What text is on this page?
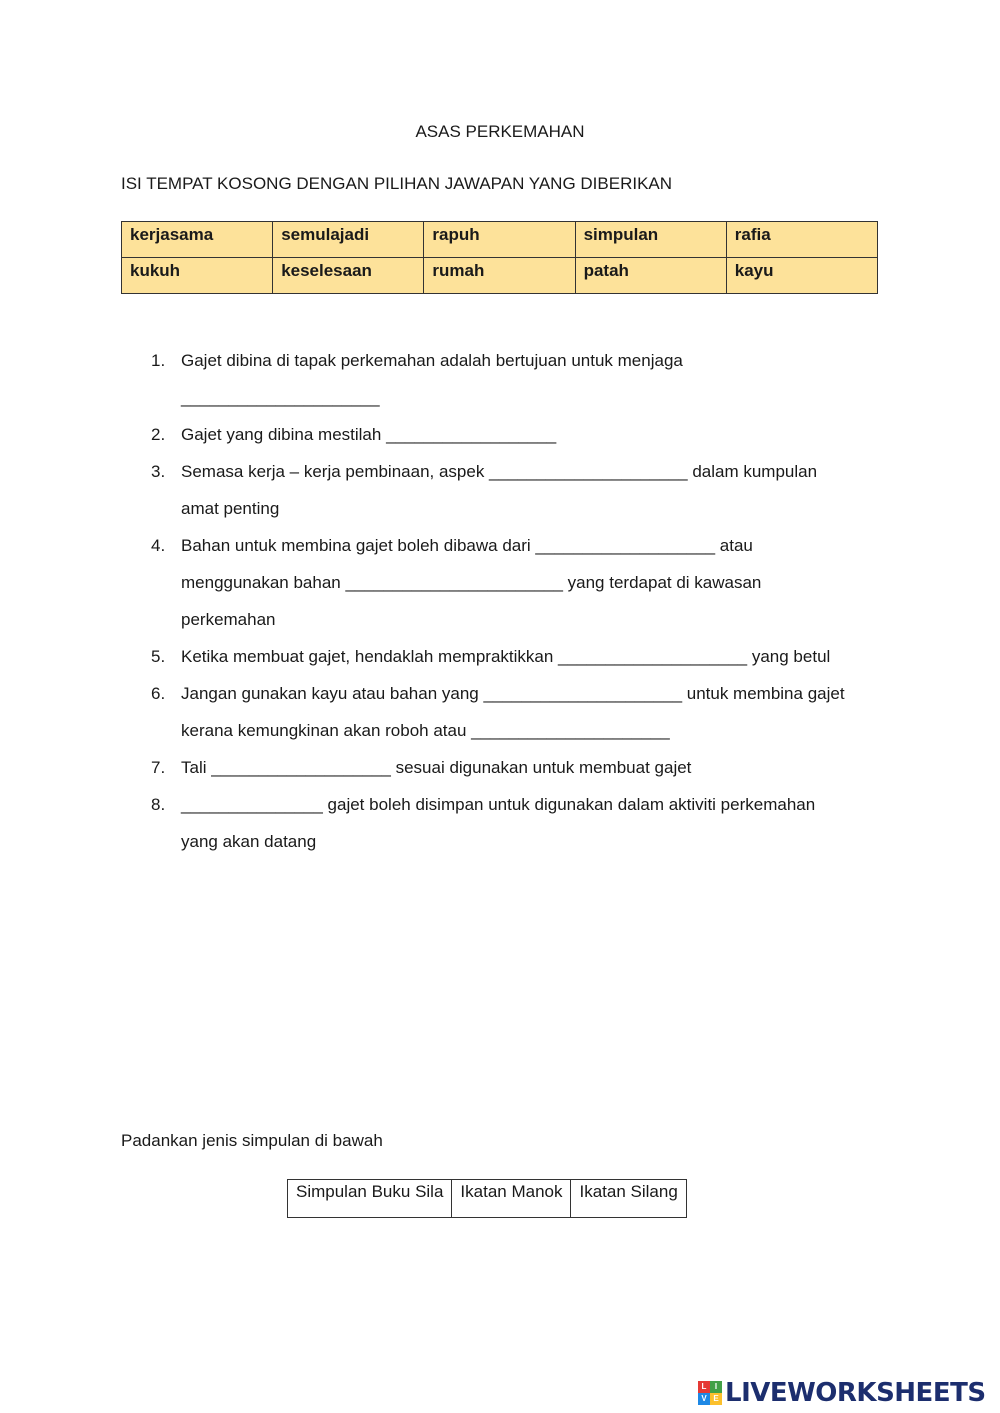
ASAS PERKEMAHAN
ISI TEMPAT KOSONG DENGAN PILIHAN JAWAPAN YANG DIBERIKAN
kerjasama	semulajadi	rapuh	simpulan	rafia
kukuh	keselesaan	rumah	patah	kayu
1. Gajet dibina di tapak perkemahan adalah bertujuan untuk menjaga
_____________________
2. Gajet yang dibina mestilah __________________
3. Semasa kerja – kerja pembinaan, aspek _____________________ dalam kumpulan
amat penting
4. Bahan untuk membina gajet boleh dibawa dari ___________________ atau
menggunakan bahan _______________________ yang terdapat di kawasan
perkemahan
5. Ketika membuat gajet, hendaklah mempraktikkan ____________________ yang betul
6. Jangan gunakan kayu atau bahan yang _____________________ untuk membina gajet
kerana kemungkinan akan roboh atau _____________________
7. Tali ___________________ sesuai digunakan untuk membuat gajet
8. _______________ gajet boleh disimpan untuk digunakan dalam aktiviti perkemahan
yang akan datang
Padankan jenis simpulan di bawah
Simpulan Buku Sila	Ikatan Manok	Ikatan Silang
L	I
V E LIVEWORKSHEETS
